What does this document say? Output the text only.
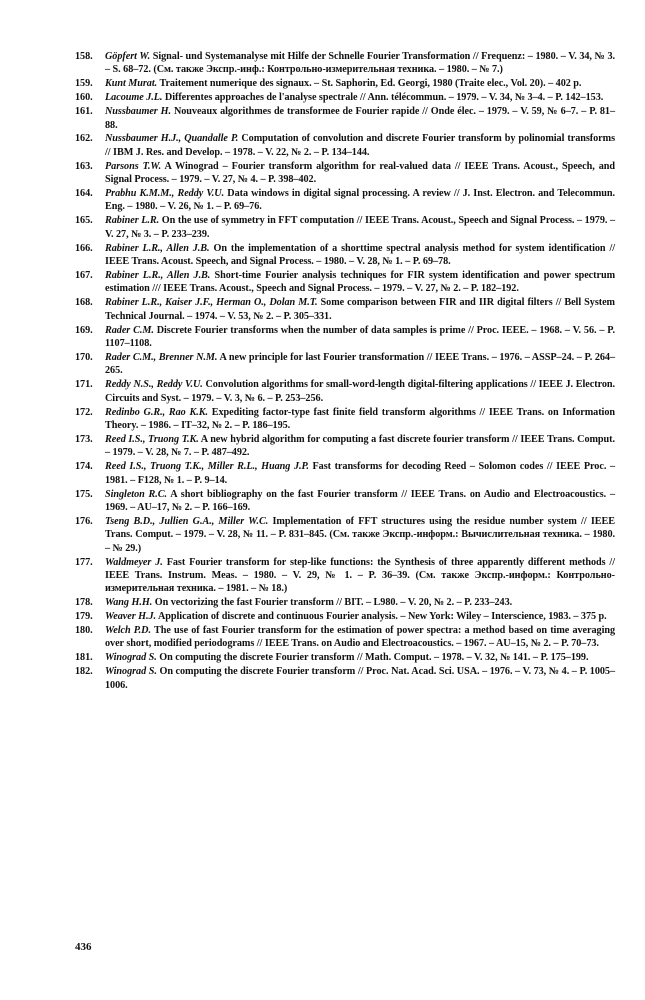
158.	Göpfert W. Signal- und Systemanalyse mit Hilfe der Schnelle Fourier Transformation // Frequenz: – 1980. – V. 34, № 3. – S. 68–72. (См. также Экспр.-инф.: Контрольно-измерительная техника. – 1980. – № 7.)
159.	Kunt Murat. Traitement numerique des signaux. – St. Saphorin, Ed. Georgi, 1980 (Traite elec., Vol. 20). – 402 p.
160.	Lacoume J.L. Differentes approaches de l'analyse spectrale // Ann. télécommun. – 1979. – V. 34, № 3–4. – P. 142–153.
161.	Nussbaumer H. Nouveaux algorithmes de transformee de Fourier rapide // Onde élec. – 1979. – V. 59, № 6–7. – P. 81–88.
162.	Nussbaumer H.J., Quandalle P. Computation of convolution and discrete Fourier transform by polinomial transforms // IBM J. Res. and Develop. – 1978. – V. 22, № 2. – P. 134–144.
163.	Parsons T.W. A Winograd – Fourier transform algorithm for real-valued data // IEEE Trans. Acoust., Speech, and Signal Process. – 1979. – V. 27, № 4. – P. 398–402.
164.	Prabhu K.M.M., Reddy V.U. Data windows in digital signal processing. A review // J. Inst. Electron. and Telecommun. Eng. – 1980. – V. 26, № 1. – P. 69–76.
165.	Rabiner L.R. On the use of symmetry in FFT computation // IEEE Trans. Acoust., Speech and Signal Process. – 1979. – V. 27, № 3. – P. 233–239.
166.	Rabiner L.R., Allen J.B. On the implementation of a shorttime spectral analysis method for system identification // IEEE Trans. Acoust. Speech, and Signal Process. – 1980. – V. 28, № 1. – P. 69–78.
167.	Rabiner L.R., Allen J.B. Short-time Fourier analysis techniques for FIR system identification and power spectrum estimation /// IEEE Trans. Acoust., Speech and Signal Process. – 1979. – V. 27, № 2. – P. 182–192.
168.	Rabiner L.R., Kaiser J.F., Herman O., Dolan M.T. Some comparison between FIR and IIR digital filters // Bell System Technical Journal. – 1974. – V. 53, № 2. – P. 305–331.
169.	Rader C.M. Discrete Fourier transforms when the number of data samples is prime // Proc. IEEE. – 1968. – V. 56. – P. 1107–1108.
170.	Rader C.M., Brenner N.M. A new principle for last Fourier transformation // IEEE Trans. – 1976. – ASSP–24. – P. 264–265.
171.	Reddy N.S., Reddy V.U. Convolution algorithms for small-word-length digital-filtering applications // IEEE J. Electron. Circuits and Syst. – 1979. – V. 3, № 6. – P. 253–256.
172.	Redinbo G.R., Rao K.K. Expediting factor-type fast finite field transform algorithms // IEEE Trans. on Information Theory. – 1986. – IT–32, № 2. – P. 186–195.
173.	Reed I.S., Truong T.K. A new hybrid algorithm for computing a fast discrete fourier transform // IEEE Trans. Comput. – 1979. – V. 28, № 7. – P. 487–492.
174.	Reed I.S., Truong T.K., Miller R.L., Huang J.P. Fast transforms for decoding Reed – Solomon codes // IEEE Proc. – 1981. – F128, № 1. – P. 9–14.
175.	Singleton R.C. A short bibliography on the fast Fourier transform // IEEE Trans. on Audio and Electroacoustics. – 1969. – AU–17, № 2. – P. 166–169.
176.	Tseng B.D., Jullien G.A., Miller W.C. Implementation of FFT structures using the residue number system // IEEE Trans. Comput. – 1979. – V. 28, № 11. – P. 831–845. (См. также Экспр.-информ.: Вычислительная техника. – 1980. – № 29.)
177.	Waldmeyer J. Fast Fourier transform for step-like functions: the Synthesis of three apparently different methods // IEEE Trans. Instrum. Meas. – 1980. – V. 29, № 1. – P. 36–39. (См. также Экспр.-информ.: Контрольно-измерительная техника. – 1981. – № 18.)
178.	Wang H.H. On vectorizing the fast Fourier transform // BIT. – L980. – V. 20, № 2. – P. 233–243.
179.	Weaver H.J. Application of discrete and continuous Fourier analysis. – New York: Wiley – Interscience, 1983. – 375 p.
180.	Welch P.D. The use of fast Fourier transform for the estimation of power spectra: a method based on time averaging over short, modified periodograms // IEEE Trans. on Audio and Electroacoustics. – 1967. – AU–15, № 2. – P. 70–73.
181.	Winograd S. On computing the discrete Fourier transform // Math. Comput. – 1978. – V. 32, № 141. – P. 175–199.
182.	Winograd S. On computing the discrete Fourier transform // Proc. Nat. Acad. Sci. USA. – 1976. – V. 73, № 4. – P. 1005–1006.
436
